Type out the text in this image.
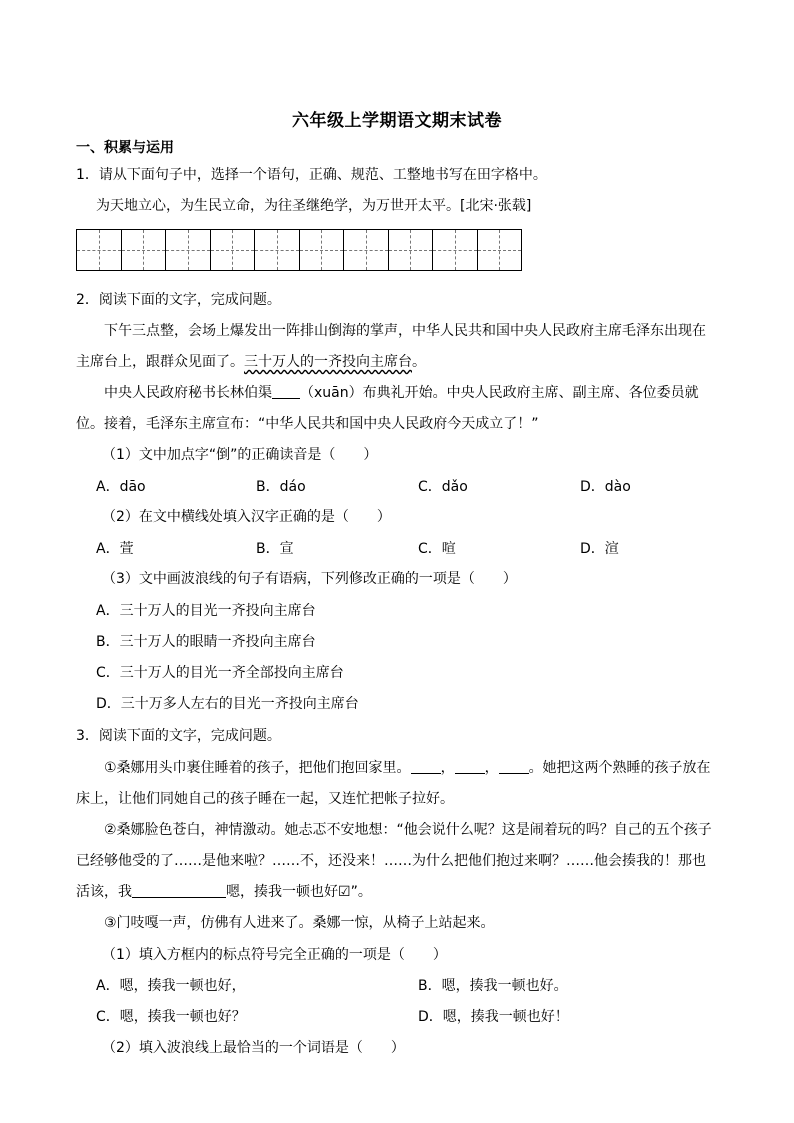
六年级上学期语文期末试卷
一、积累与运用
1．请从下面句子中，选择一个语句，正确、规范、工整地书写在田字格中。
为天地立心，为生民立命，为往圣继绝学，为万世开太平。[北宋·张载]
2．阅读下面的文字，完成问题。
下午三点整，会场上爆发出一阵排山倒海的掌声，中华人民共和国中央人民政府主席毛泽东出现在
主席台上，跟群众见面了。三十万人的一齐投向主席台。
中央人民政府秘书长林伯渠 （xuān）布典礼开始。中央人民政府主席、副主席、各位委员就
位。接着，毛泽东主席宣布：“中华人民共和国中央人民政府今天成立了！”
（1）文中加点字“倒”的正确读音是（　　）
A．dāo	B．dáo	C．dǎo	D．dào
（2）在文中横线处填入汉字正确的是（　　）
A．萱	B．宣	C．喧	D．渲
（3）文中画波浪线的句子有语病，下列修改正确的一项是（　　）
A．三十万人的目光一齐投向主席台
B．三十万人的眼睛一齐投向主席台
C．三十万人的目光一齐全部投向主席台
D．三十万多人左右的目光一齐投向主席台
3．阅读下面的文字，完成问题。
①桑娜用头巾裹住睡着的孩子，把他们抱回家里。 ， ， 。她把这两个熟睡的孩子放在
床上，让他们同她自己的孩子睡在一起，又连忙把帐子拉好。
②桑娜脸色苍白，神情激动。她忐忑不安地想：“他会说什么呢？这是闹着玩的吗？自己的五个孩子
已经够他受的了……是他来啦？……不，还没来！……为什么把他们抱过来啊？……他会揍我的！那也
活该，我	嗯，揍我一顿也好☑”。
③门吱嘎一声，仿佛有人进来了。桑娜一惊，从椅子上站起来。
（1）填入方框内的标点符号完全正确的一项是（　　）
A．嗯，揍我一顿也好，	B．嗯，揍我一顿也好。
C．嗯，揍我一顿也好？	D．嗯，揍我一顿也好！
（2）填入波浪线上最恰当的一个词语是（　　）
